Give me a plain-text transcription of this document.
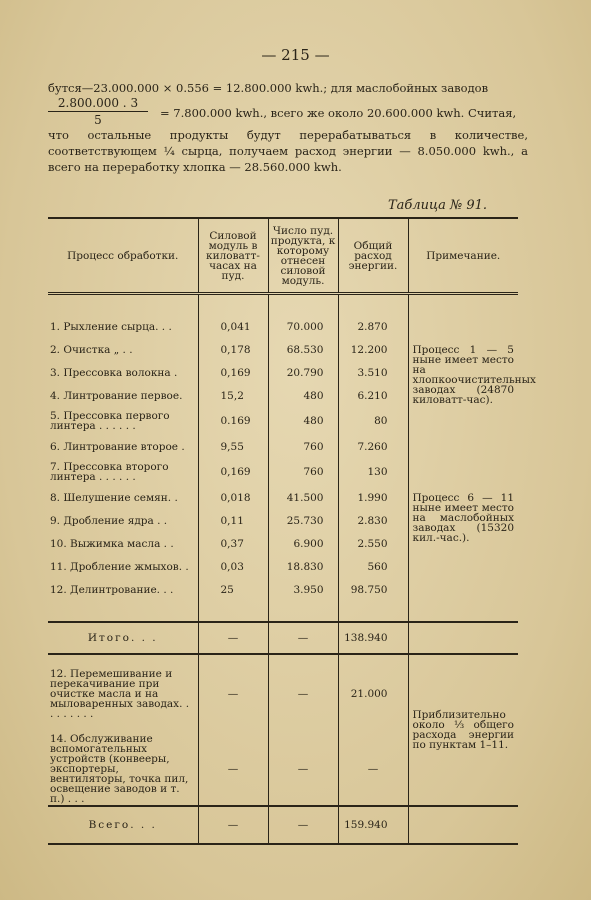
— 215 —
бутся—23.000.000 × 0.556 = 12.800.000 kwh.; для маслобойных заводов
$\frac{2.800.000 . 3}{5} = 7.800.000$ kwh., всего же около 20.600.000 kwh. Считая,
что остальные продукты будут перерабатываться в количестве, соответствующем ¼ сырца, получаем расход энергии — 8.050.000 kwh., а всего на переработку хлопка — 28.560.000 kwh.
Таблица № 91.
Процесс обработки.	Силовой модуль в киловатт-часах на пуд.	Число пуд. продукта, к которому отнесен силовой модуль.	Общий расход энергии.	Примечание.

1. Рыхление сырца. . .	0,041	70.000	2.870	Процесс 1 — 5 ныне имеет место на хлопкоочистительных заводах (24870 киловатт-час).
2. Очистка „ . .	0,178	68.530	12.200	
3. Прессовка волокна .	0,169	20.790	3.510	
4. Линтрование первое.	15,2	480	6.210	
5. Прессовка первого линтера . . . . . .	0.169	480	80	
6. Линтрование второе .	9,55	760	7.260	Процесс 6 — 11 ныне имеет место на маслобойных заводах (15320 кил.-час.).
7. Прессовка второго линтера . . . . . .	0,169	760	130	
8. Шелушение семян. .	0,018	41.500	1.990	
9. Дробление ядра . .	0,11	25.730	2.830	
10. Выжимка масла . .	0,37	6.900	2.550	
11. Дробление жмыхов. .	0,03	18.830	560	
12. Делинтрование. . .	25	3.950	98.750	

Итого. . .	—	—	138.940	
12. Перемешивание и перекачивание при очистке масла и на мыловаренных заводах. . . . . . . . .	—	—	21.000	Приблизительно около ⅓ общего расхода энергии по пунктам 1–11.
14. Обслуживание вспомогательных устройств (конвееры, экспортеры, вентиляторы, точка пил, освещение заводов и т. п.) . . .	—	—	—	
Всего. . .	—	—	159.940	
